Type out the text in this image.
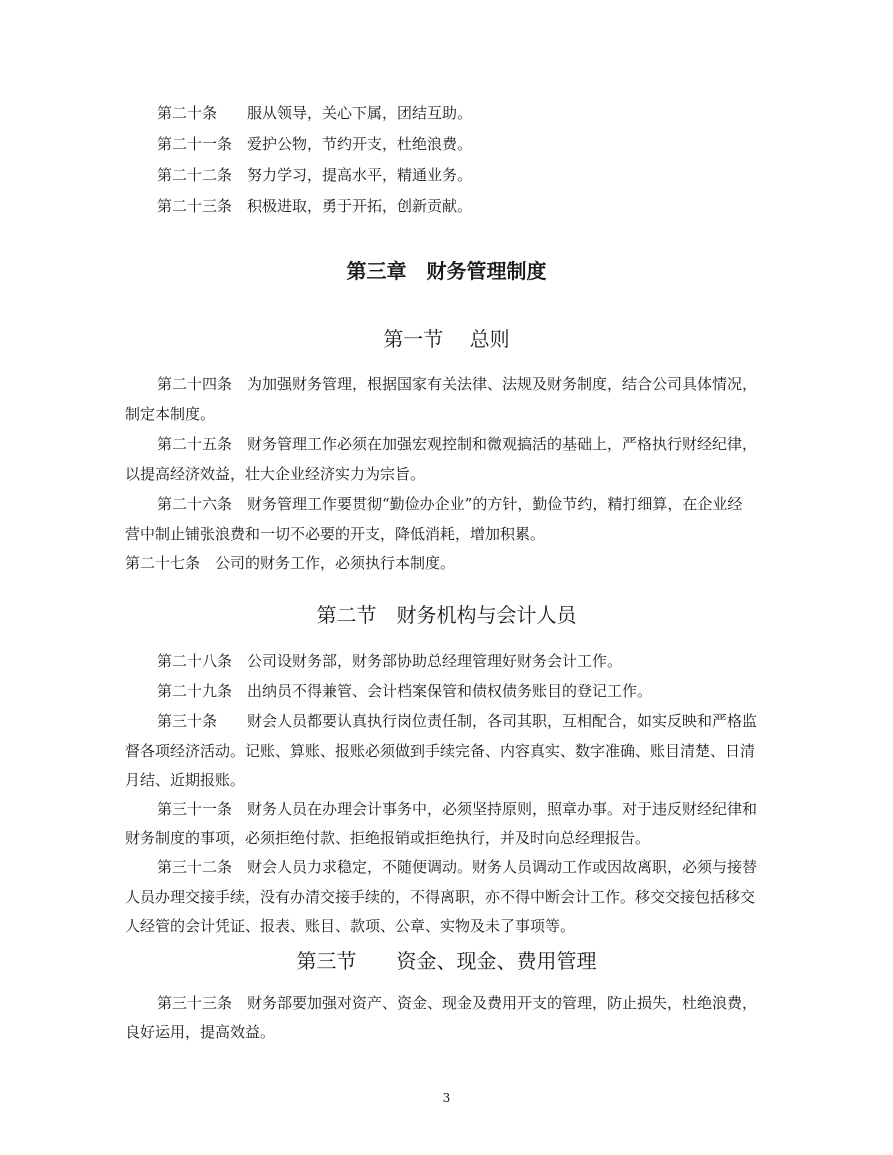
第二十条 服从领导，关心下属，团结互助。
第二十一条 爱护公物，节约开支，杜绝浪费。
第二十二条 努力学习，提高水平，精通业务。
第二十三条 积极进取，勇于开拓，创新贡献。
第三章　财务管理制度
第一节　 总则
第二十四条　为加强财务管理，根据国家有关法律、法规及财务制度，结合公司具体情况，
制定本制度。
第二十五条　财务管理工作必须在加强宏观控制和微观搞活的基础上，严格执行财经纪律，
以提高经济效益，壮大企业经济实力为宗旨。
第二十六条　财务管理工作要贯彻“勤俭办企业”的方针，勤俭节约，精打细算，在企业经
营中制止铺张浪费和一切不必要的开支，降低消耗，增加积累。
第二十七条　公司的财务工作，必须执行本制度。
第二节　财务机构与会计人员
第二十八条　公司设财务部，财务部协助总经理管理好财务会计工作。
第二十九条　出纳员不得兼管、会计档案保管和债权债务账目的登记工作。
第三十条　　财会人员都要认真执行岗位责任制，各司其职，互相配合，如实反映和严格监
督各项经济活动。记账、算账、报账必须做到手续完备、内容真实、数字准确、账目清楚、日清
月结、近期报账。
第三十一条　财务人员在办理会计事务中，必须坚持原则，照章办事。对于违反财经纪律和
财务制度的事项，必须拒绝付款、拒绝报销或拒绝执行，并及时向总经理报告。
第三十二条　财会人员力求稳定，不随便调动。财务人员调动工作或因故离职，必须与接替
人员办理交接手续，没有办清交接手续的，不得离职，亦不得中断会计工作。移交交接包括移交
人经管的会计凭证、报表、账目、款项、公章、实物及未了事项等。
第三节　　资金、现金、费用管理
第三十三条　财务部要加强对资产、资金、现金及费用开支的管理，防止损失，杜绝浪费，
良好运用，提高效益。
3
